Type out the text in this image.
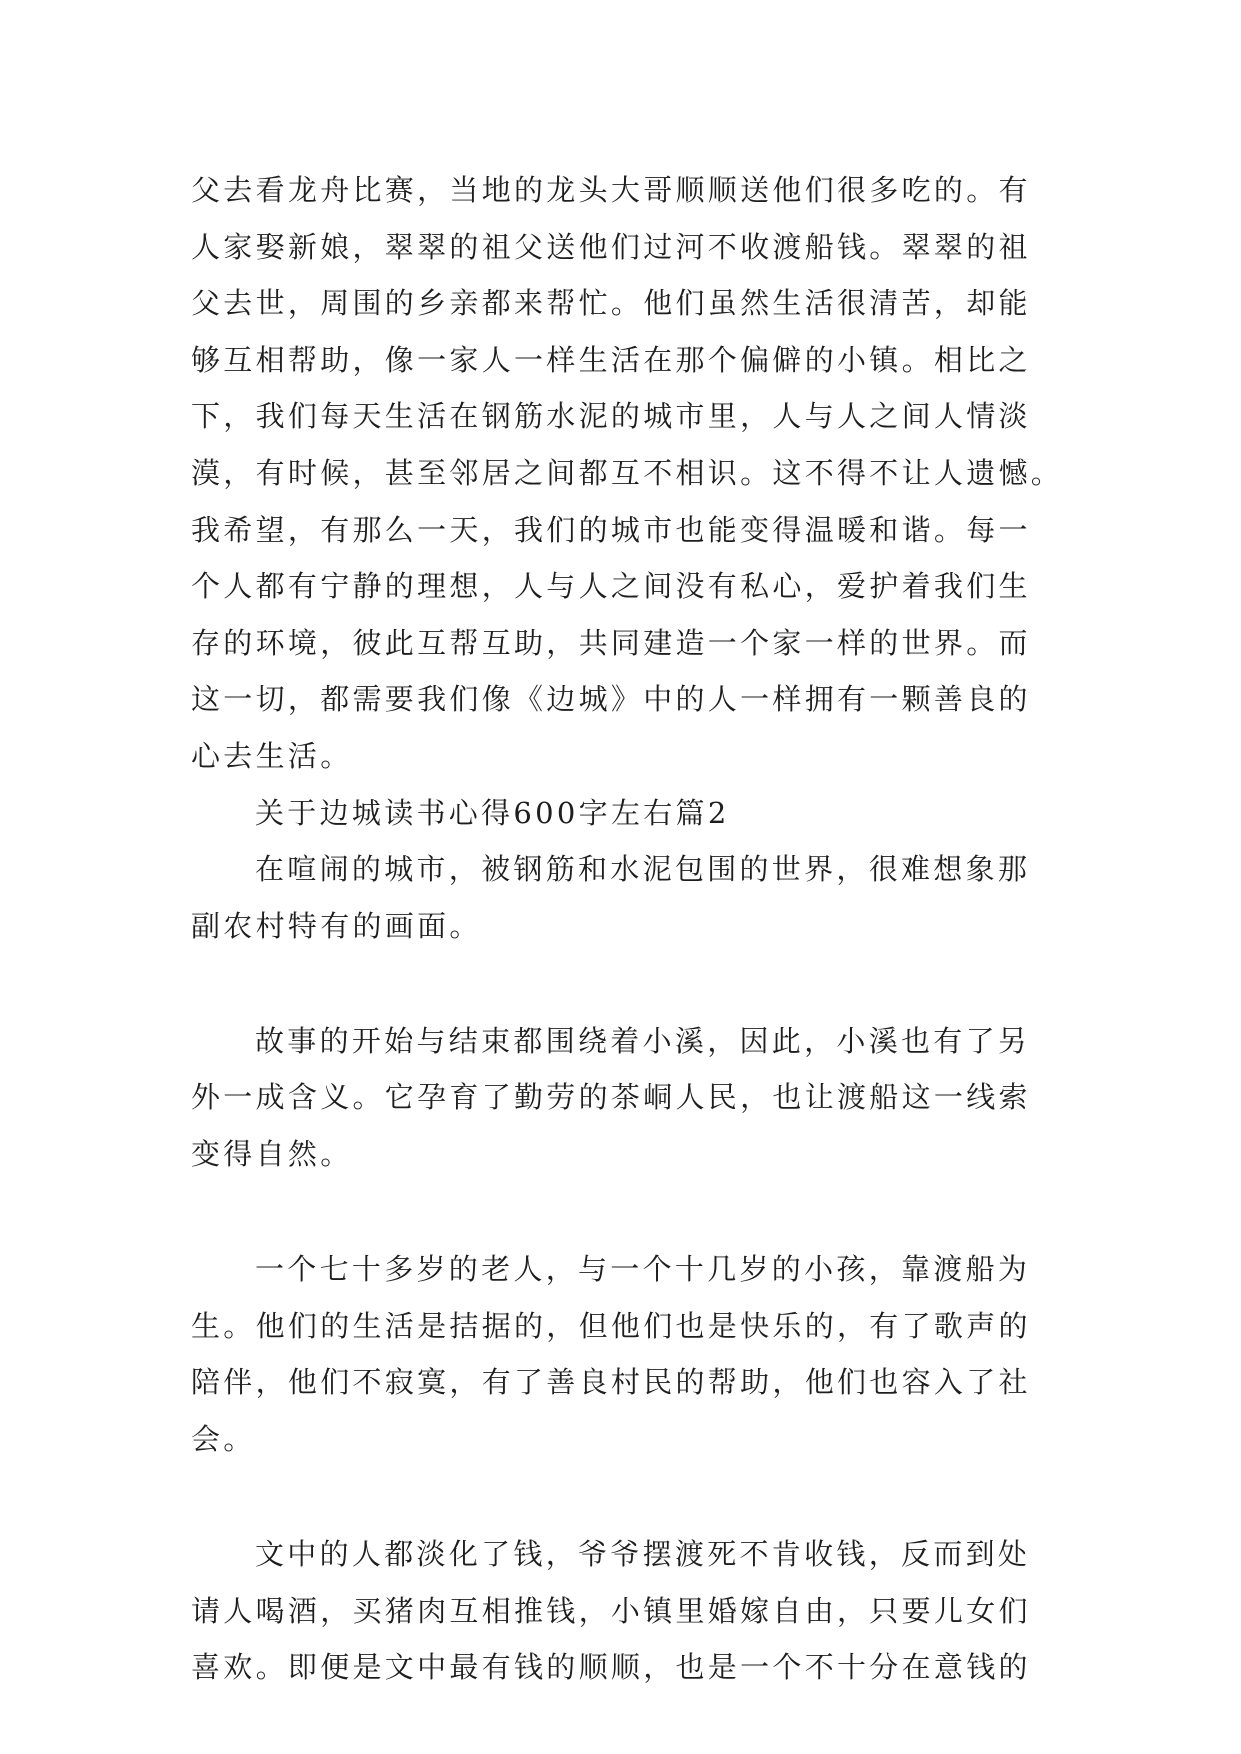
父去看龙舟比赛，当地的龙头大哥顺顺送他们很多吃的。有
人家娶新娘，翠翠的祖父送他们过河不收渡船钱。翠翠的祖
父去世，周围的乡亲都来帮忙。他们虽然生活很清苦，却能
够互相帮助，像一家人一样生活在那个偏僻的小镇。相比之
下，我们每天生活在钢筋水泥的城市里，人与人之间人情淡
漠，有时候，甚至邻居之间都互不相识。这不得不让人遗憾。
我希望，有那么一天，我们的城市也能变得温暖和谐。每一
个人都有宁静的理想，人与人之间没有私心，爱护着我们生
存的环境，彼此互帮互助，共同建造一个家一样的世界。而
这一切，都需要我们像《边城》中的人一样拥有一颗善良的
心去生活。
关于边城读书心得600字左右篇2
在喧闹的城市，被钢筋和水泥包围的世界，很难想象那
副农村特有的画面。
故事的开始与结束都围绕着小溪，因此，小溪也有了另
外一成含义。它孕育了勤劳的茶峒人民，也让渡船这一线索
变得自然。
一个七十多岁的老人，与一个十几岁的小孩，靠渡船为
生。他们的生活是拮据的，但他们也是快乐的，有了歌声的
陪伴，他们不寂寞，有了善良村民的帮助，他们也容入了社
会。
文中的人都淡化了钱，爷爷摆渡死不肯收钱，反而到处
请人喝酒，买猪肉互相推钱，小镇里婚嫁自由，只要儿女们
喜欢。即便是文中最有钱的顺顺，也是一个不十分在意钱的
